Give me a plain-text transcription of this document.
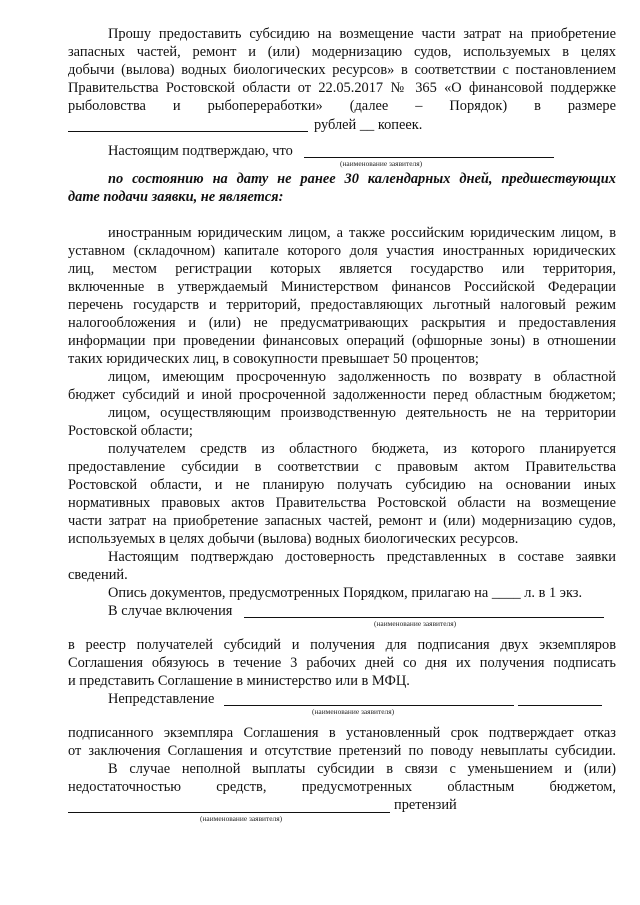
Прошу предоставить субсидию на возмещение части затрат на приобретение

запасных частей, ремонт и (или) модернизацию судов, используемых в целях

добычи (вылова) водных биологических ресурсов» в соответствии с постановлением

Правительства Ростовской области от 22.05.2017 № 365 «О финансовой поддержке

рыболовства и рыбопереработки» (далее – Порядок) в размере

рублей __ копеек.

Настоящим подтверждаю, что

(наименование заявителя)

по состоянию на дату не ранее 30 календарных дней, предшествующих

дате подачи заявки, не является:

иностранным юридическим лицом, а также российским юридическим лицом, в

уставном (складочном) капитале которого доля участия иностранных юридических

лиц, местом регистрации которых является государство или территория,

включенные в утверждаемый Министерством финансов Российской Федерации

перечень государств и территорий, предоставляющих льготный налоговый режим

налогообложения и (или) не предусматривающих раскрытия и предоставления

информации при проведении финансовых операций (офшорные зоны) в отношении

таких юридических лиц, в совокупности превышает 50 процентов;

лицом, имеющим просроченную задолженность по возврату в областной

бюджет субсидий и иной просроченной задолженности перед областным бюджетом;

лицом, осуществляющим производственную деятельность не на территории

Ростовской области;

получателем средств из областного бюджета, из которого планируется

предоставление субсидии в соответствии с правовым актом Правительства

Ростовской области, и не планирую получать субсидию на основании иных

нормативных правовых актов Правительства Ростовской области на возмещение

части затрат на приобретение запасных частей, ремонт и (или) модернизацию судов,

используемых в целях добычи (вылова) водных биологических ресурсов.

Настоящим подтверждаю достоверность представленных в составе заявки

сведений.

Опись документов, предусмотренных Порядком, прилагаю на ____ л. в 1 экз.

В случае включения

(наименование заявителя)

в реестр получателей субсидий и получения для подписания двух экземпляров

Соглашения обязуюсь в течение 3 рабочих дней со дня их получения подписать

и представить Соглашение в министерство или в МФЦ.

Непредставление

(наименование заявителя)

подписанного экземпляра Соглашения в установленный срок подтверждает отказ

от заключения Соглашения и отсутствие претензий по поводу невыплаты субсидии.

В случае неполной выплаты субсидии в связи с уменьшением и (или)

недостаточностью средств, предусмотренных областным бюджетом,

претензий

(наименование заявителя)
